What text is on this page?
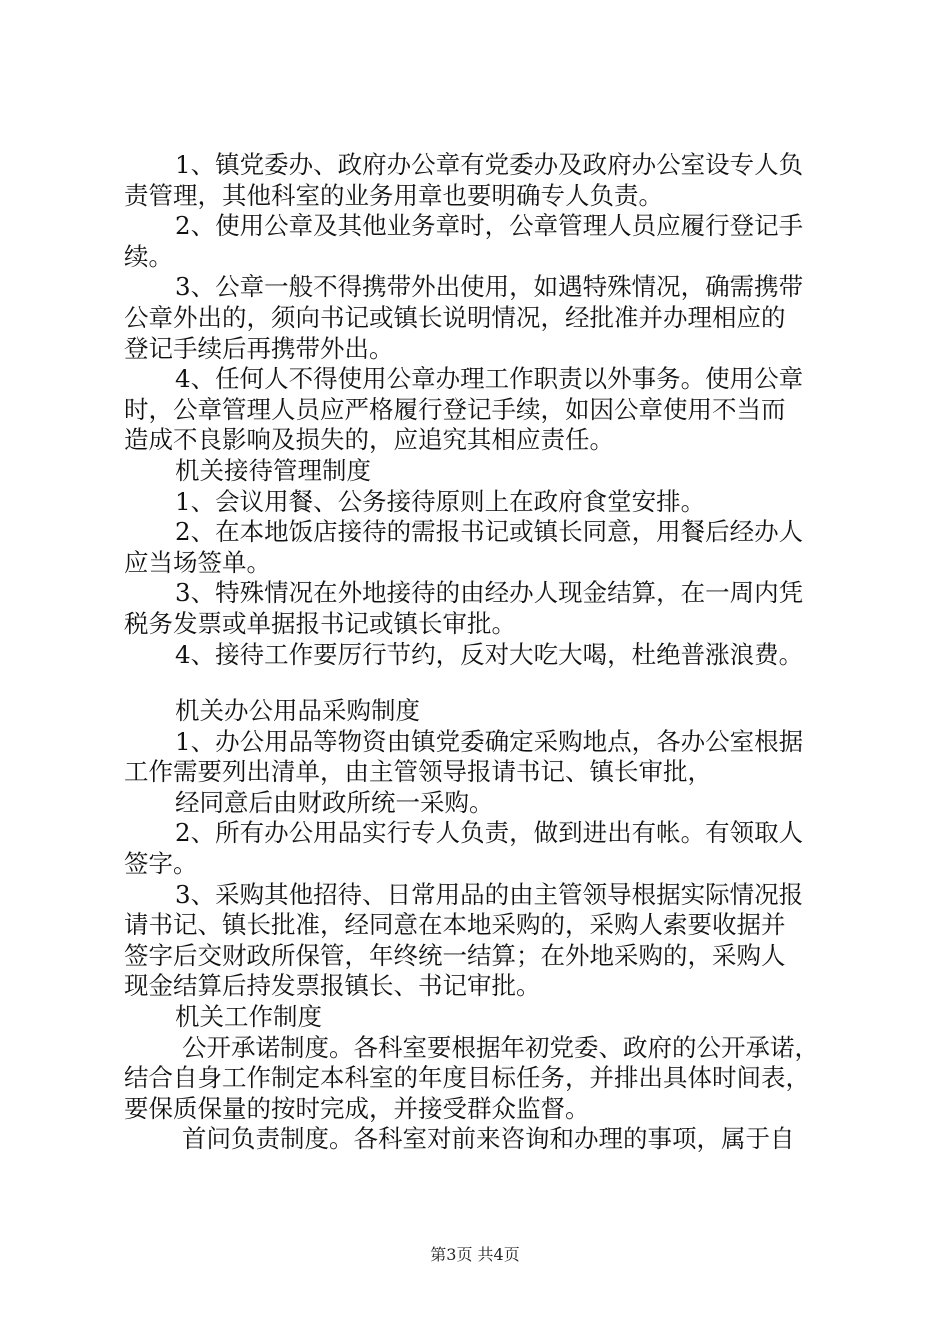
1、镇党委办、政府办公章有党委办及政府办公室设专人负
责管理，其他科室的业务用章也要明确专人负责。
2、使用公章及其他业务章时，公章管理人员应履行登记手
续。
3、公章一般不得携带外出使用，如遇特殊情况，确需携带
公章外出的，须向书记或镇长说明情况，经批准并办理相应的
登记手续后再携带外出。
4、任何人不得使用公章办理工作职责以外事务。使用公章
时，公章管理人员应严格履行登记手续，如因公章使用不当而
造成不良影响及损失的，应追究其相应责任。
机关接待管理制度
1、会议用餐、公务接待原则上在政府食堂安排。
2、在本地饭店接待的需报书记或镇长同意，用餐后经办人
应当场签单。
3、特殊情况在外地接待的由经办人现金结算，在一周内凭
税务发票或单据报书记或镇长审批。
4、接待工作要厉行节约，反对大吃大喝，杜绝普涨浪费。
机关办公用品采购制度
1、办公用品等物资由镇党委确定采购地点，各办公室根据
工作需要列出清单，由主管领导报请书记、镇长审批，
经同意后由财政所统一采购。
2、所有办公用品实行专人负责，做到进出有帐。有领取人
签字。
3、采购其他招待、日常用品的由主管领导根据实际情况报
请书记、镇长批准，经同意在本地采购的，采购人索要收据并
签字后交财政所保管，年终统一结算；在外地采购的，采购人
现金结算后持发票报镇长、书记审批。
机关工作制度
公开承诺制度。各科室要根据年初党委、政府的公开承诺，
结合自身工作制定本科室的年度目标任务，并排出具体时间表，
要保质保量的按时完成，并接受群众监督。
首问负责制度。各科室对前来咨询和办理的事项，属于自
第3页 共4页
